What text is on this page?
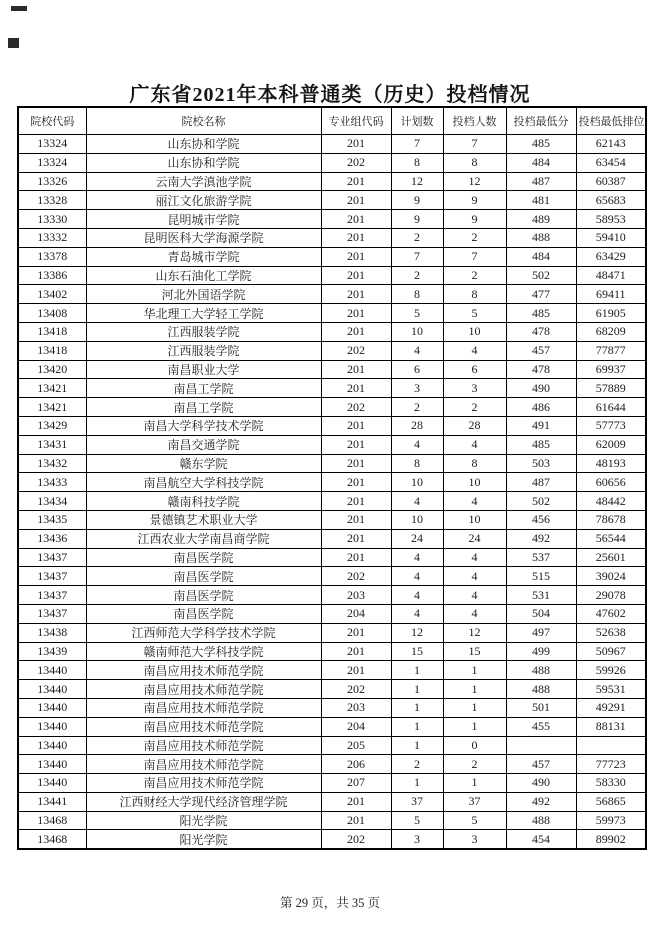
广东省2021年本科普通类（历史）投档情况
院校代码	院校名称	专业组代码	计划数	投档人数	投档最低分	投档最低排位
13324	山东协和学院	201	7	7	485	62143
13324	山东协和学院	202	8	8	484	63454
13326	云南大学滇池学院	201	12	12	487	60387
13328	丽江文化旅游学院	201	9	9	481	65683
13330	昆明城市学院	201	9	9	489	58953
13332	昆明医科大学海源学院	201	2	2	488	59410
13378	青岛城市学院	201	7	7	484	63429
13386	山东石油化工学院	201	2	2	502	48471
13402	河北外国语学院	201	8	8	477	69411
13408	华北理工大学轻工学院	201	5	5	485	61905
13418	江西服装学院	201	10	10	478	68209
13418	江西服装学院	202	4	4	457	77877
13420	南昌职业大学	201	6	6	478	69937
13421	南昌工学院	201	3	3	490	57889
13421	南昌工学院	202	2	2	486	61644
13429	南昌大学科学技术学院	201	28	28	491	57773
13431	南昌交通学院	201	4	4	485	62009
13432	赣东学院	201	8	8	503	48193
13433	南昌航空大学科技学院	201	10	10	487	60656
13434	赣南科技学院	201	4	4	502	48442
13435	景德镇艺术职业大学	201	10	10	456	78678
13436	江西农业大学南昌商学院	201	24	24	492	56544
13437	南昌医学院	201	4	4	537	25601
13437	南昌医学院	202	4	4	515	39024
13437	南昌医学院	203	4	4	531	29078
13437	南昌医学院	204	4	4	504	47602
13438	江西师范大学科学技术学院	201	12	12	497	52638
13439	赣南师范大学科技学院	201	15	15	499	50967
13440	南昌应用技术师范学院	201	1	1	488	59926
13440	南昌应用技术师范学院	202	1	1	488	59531
13440	南昌应用技术师范学院	203	1	1	501	49291
13440	南昌应用技术师范学院	204	1	1	455	88131
13440	南昌应用技术师范学院	205	1	0		
13440	南昌应用技术师范学院	206	2	2	457	77723
13440	南昌应用技术师范学院	207	1	1	490	58330
13441	江西财经大学现代经济管理学院	201	37	37	492	56865
13468	阳光学院	201	5	5	488	59973
13468	阳光学院	202	3	3	454	89902
第 29 页，共 35 页
